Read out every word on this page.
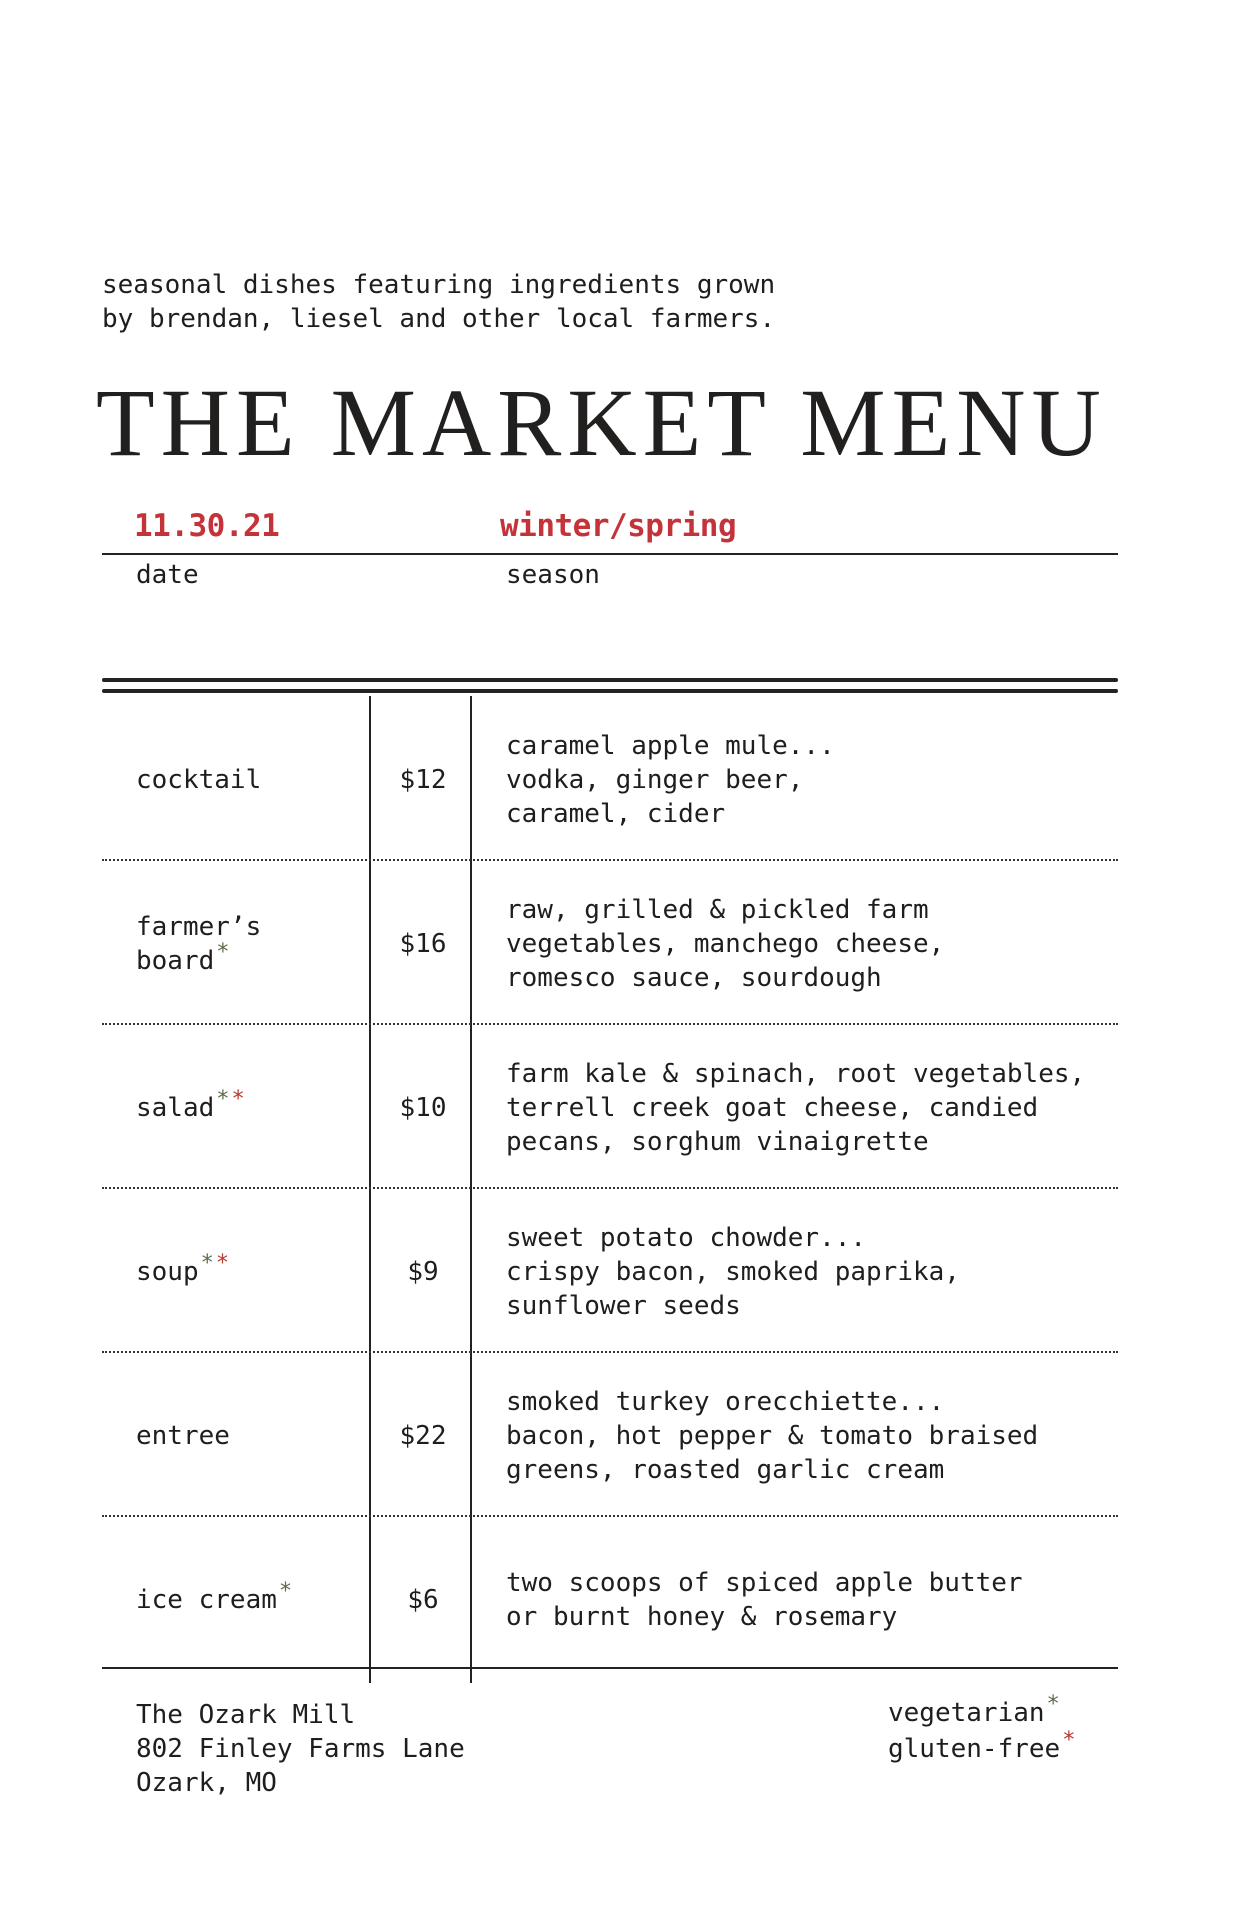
seasonal dishes featuring ingredients grown
by brendan, liesel and other local farmers.
THE MARKET MENU
11.30.21	winter/spring
date	season
cocktail	$12
caramel apple mule...
vodka, ginger beer,
caramel, cider
farmer’s
board*	$16
raw, grilled & pickled farm
vegetables, manchego cheese,
romesco sauce, sourdough
salad**	$10
farm kale & spinach, root vegetables,
terrell creek goat cheese, candied
pecans, sorghum vinaigrette
soup**	$9
sweet potato chowder...
crispy bacon, smoked paprika,
sunflower seeds
entree	$22
smoked turkey orecchiette...
bacon, hot pepper & tomato braised
greens, roasted garlic cream
ice cream*	$6
two scoops of spiced apple butter
or burnt honey & rosemary
The Ozark Mill
802 Finley Farms Lane
Ozark, MO
vegetarian*
gluten-free*
